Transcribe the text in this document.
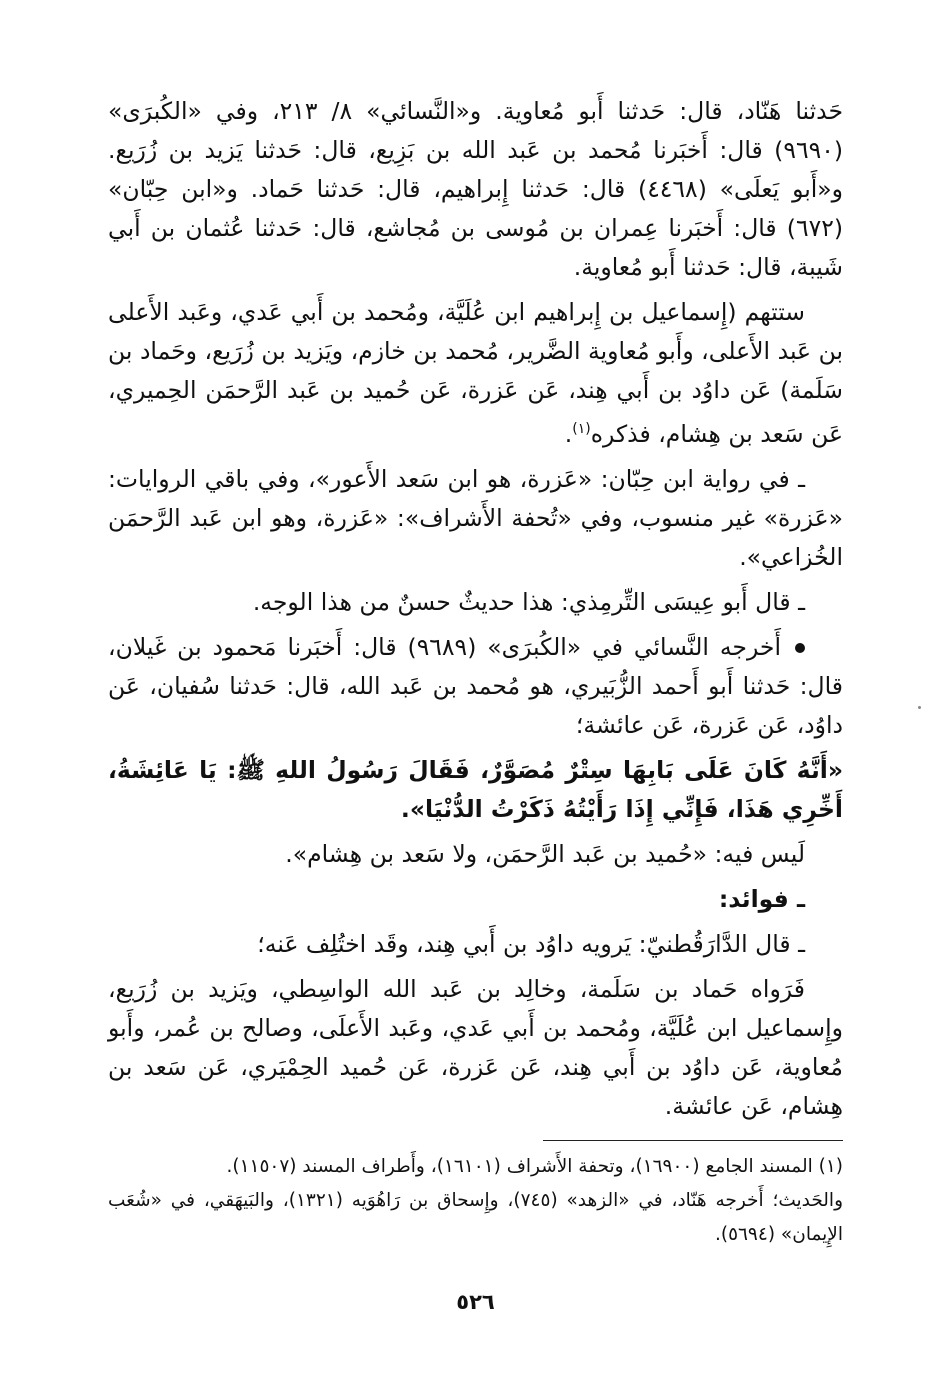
حَدثنا هَنّاد، قال: حَدثنا أَبو مُعاوية. و«النَّسائي» ٨/ ٢١٣، وفي «الكُبرَى» (٩٦٩٠) قال: أَخبَرنا مُحمد بن عَبد الله بن بَزِيع، قال: حَدثنا يَزيد بن زُرَيع. و«أَبو يَعلَى» (٤٤٦٨) قال: حَدثنا إِبراهيم، قال: حَدثنا حَماد. و«ابن حِبّان» (٦٧٢) قال: أَخبَرنا عِمران بن مُوسى بن مُجاشع، قال: حَدثنا عُثمان بن أَبي شَيبة، قال: حَدثنا أَبو مُعاوية.

ستتهم (إِسماعيل بن إِبراهيم ابن عُلَيَّة، ومُحمد بن أَبي عَدي، وعَبد الأَعلى بن عَبد الأَعلى، وأَبو مُعاوية الضَّرير، مُحمد بن خازم، ويَزيد بن زُرَيع، وحَماد بن سَلَمة) عَن داوُد بن أَبي هِند، عَن عَزرة، عَن حُميد بن عَبد الرَّحمَن الحِميري، عَن سَعد بن هِشام، فذكره$^{(١)}$.

ـ في رواية ابن حِبّان: «عَزرة، هو ابن سَعد الأَعور»، وفي باقي الروايات: «عَزرة» غير منسوب، وفي «تُحفة الأَشراف»: «عَزرة، وهو ابن عَبد الرَّحمَن الخُزاعي».

ـ قال أَبو عِيسَى التِّرمِذي: هذا حديثٌ حسنٌ من هذا الوجه.

أَخرجه النَّسائي في «الكُبرَى» (٩٦٨٩) قال: أَخبَرنا مَحمود بن غَيلان، قال: حَدثنا أَبو أَحمد الزُّبَيري، هو مُحمد بن عَبد الله، قال: حَدثنا سُفيان، عَن داوُد، عَن عَزرة، عَن عائشة؛

«أَنَّهُ كَانَ عَلَى بَابِهَا سِتْرٌ مُصَوَّرٌ، فَقَالَ رَسُولُ اللهِ ﷺ: يَا عَائِشَةُ، أَخِّرِي هَذَا، فَإِنِّي إِذَا رَأَيْتُهُ ذَكَرْتُ الدُّنْيَا».

لَيس فيه: «حُميد بن عَبد الرَّحمَن، ولا سَعد بن هِشام».

ـ فوائد:

ـ قال الدَّارَقُطنيّ: يَرويه داوُد بن أَبي هِند، وقَد اختُلِف عَنه؛

فَرَواه حَماد بن سَلَمة، وخالِد بن عَبد الله الواسِطي، ويَزيد بن زُرَيع، وإِسماعيل ابن عُلَيَّة، ومُحمد بن أَبي عَدي، وعَبد الأَعلَى، وصالح بن عُمر، وأَبو مُعاوية، عَن داوُد بن أَبي هِند، عَن عَزرة، عَن حُميد الحِمْيَري، عَن سَعد بن هِشام، عَن عائشة.

(١) المسند الجامع (١٦٩٠٠)، وتحفة الأَشراف (١٦١٠١)، وأَطراف المسند (١١٥٠٧).

والحَديث؛ أَخرجه هَنّاد، في «الزهد» (٧٤٥)، وإِسحاق بن رَاهُوَيه (١٣٢١)، والبَيهَقي، في «شُعَب الإِيمان» (٥٦٩٤).

٥٢٦
